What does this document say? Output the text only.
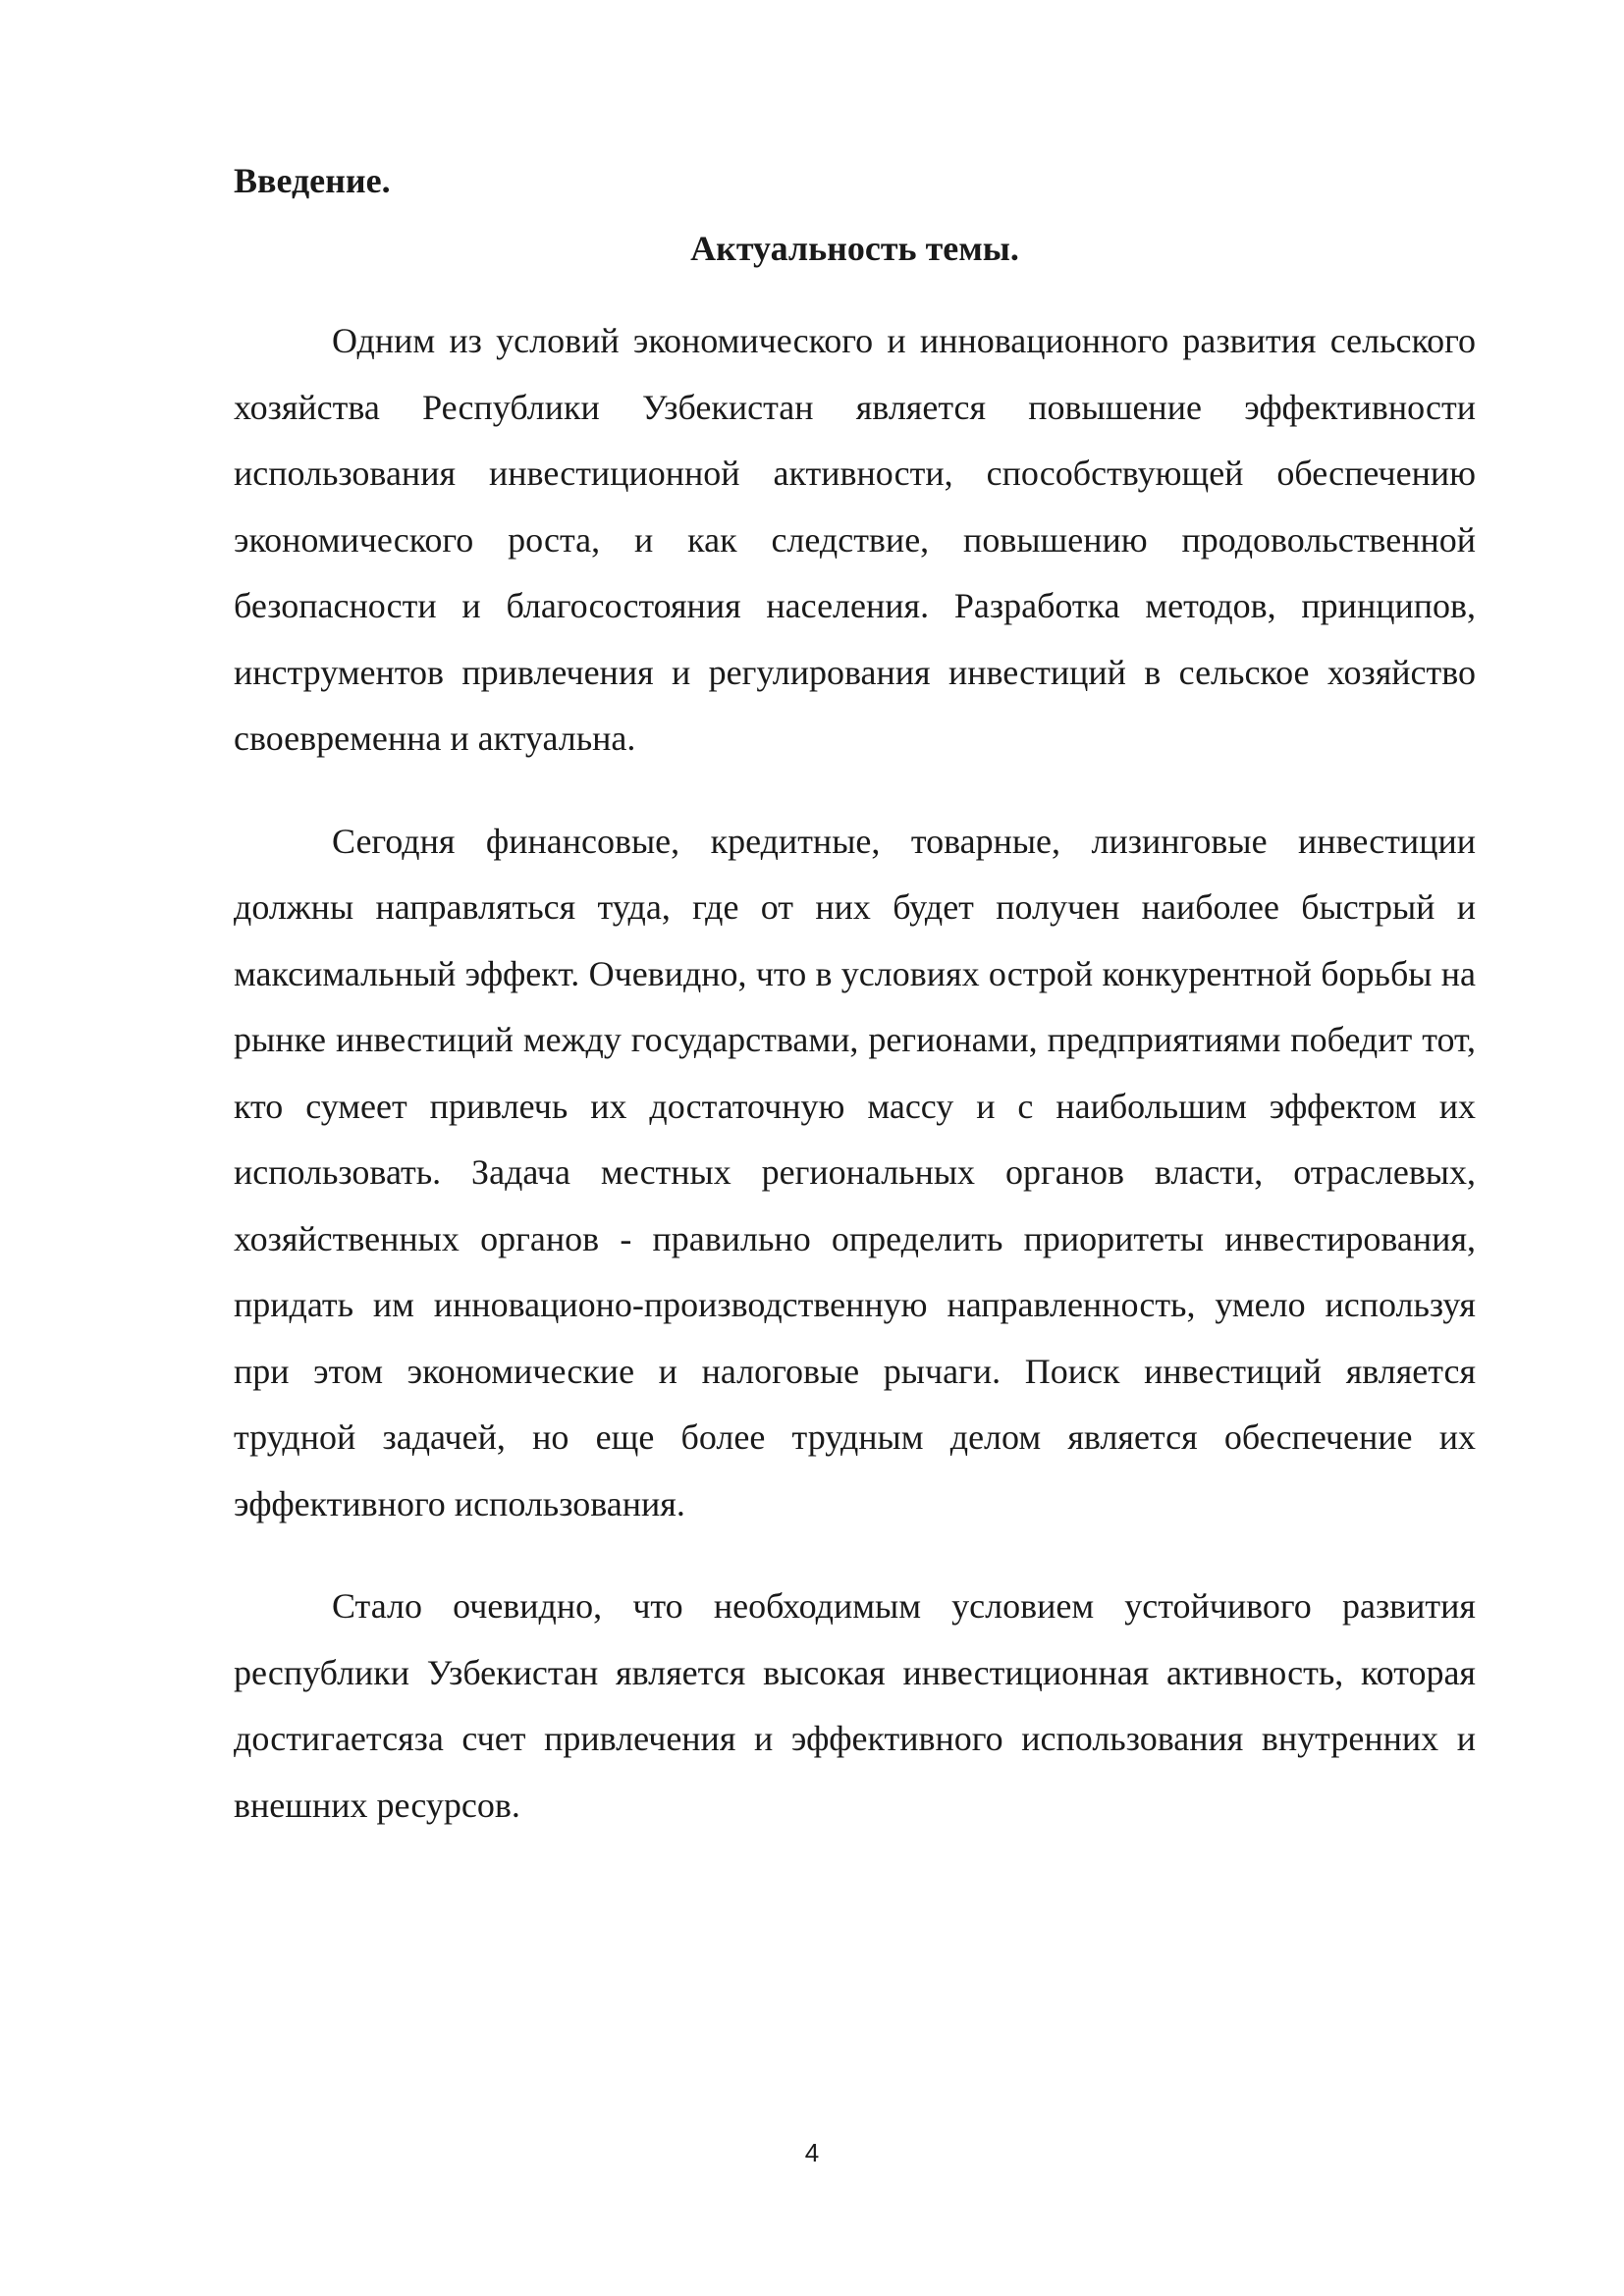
Введение.
Актуальность темы.

Одним из условий экономического и инновационного развития сельского хозяйства Республики Узбекистан является повышение эффективности использования инвестиционной активности, способствующей обеспечению экономического роста, и как следствие, повышению продовольственной безопасности и благосостояния населения. Разработка методов, принципов, инструментов привлечения и регулирования инвестиций в сельское хозяйство своевременна и актуальна.

Сегодня финансовые, кредитные, товарные, лизинговые инвестиции должны направляться туда, где от них будет получен наиболее быстрый и максимальный эффект. Очевидно, что в условиях острой конкурентной борьбы на рынке инвестиций между государствами, регионами, предприятиями победит тот, кто сумеет привлечь их достаточную массу и с наибольшим эффектом их использовать. Задача местных региональных органов власти, отраслевых, хозяйственных органов - правильно определить приоритеты инвестирования, придать им инновационо-производственную направленность, умело используя при этом экономические и налоговые рычаги. Поиск инвестиций является трудной задачей, но еще более трудным делом является обеспечение их эффективного использования.

Стало очевидно, что необходимым условием устойчивого развития республики Узбекистан является высокая инвестиционная активность, которая достигаетсяза счет привлечения и эффективного использования внутренних и внешних ресурсов.

4
